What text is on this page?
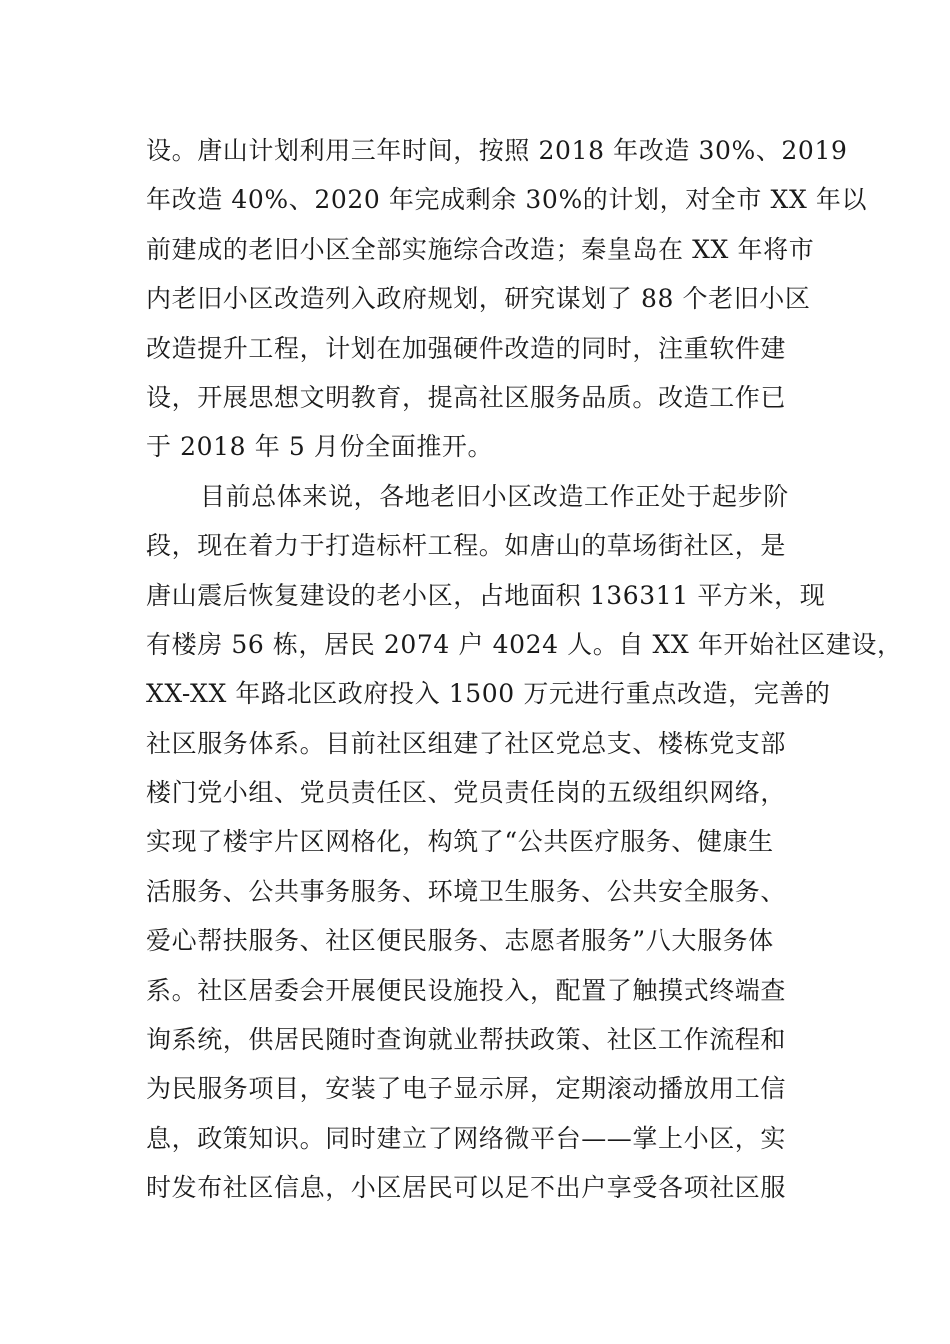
设。唐山计划利用三年时间，按照 2018 年改造 30%、2019
年改造 40%、2020 年完成剩余 30%的计划，对全市 XX 年以
前建成的老旧小区全部实施综合改造；秦皇岛在 XX 年将市
内老旧小区改造列入政府规划，研究谋划了 88 个老旧小区
改造提升工程，计划在加强硬件改造的同时，注重软件建
设，开展思想文明教育，提高社区服务品质。改造工作已
于 2018 年 5 月份全面推开。
目前总体来说，各地老旧小区改造工作正处于起步阶
段，现在着力于打造标杆工程。如唐山的草场街社区，是
唐山震后恢复建设的老小区，占地面积 136311 平方米，现
有楼房 56 栋，居民 2074 户 4024 人。自 XX 年开始社区建设，
XX-XX 年路北区政府投入 1500 万元进行重点改造，完善的
社区服务体系。目前社区组建了社区党总支、楼栋党支部
楼门党小组、党员责任区、党员责任岗的五级组织网络，
实现了楼宇片区网格化，构筑了“公共医疗服务、健康生
活服务、公共事务服务、环境卫生服务、公共安全服务、
爱心帮扶服务、社区便民服务、志愿者服务”八大服务体
系。社区居委会开展便民设施投入，配置了触摸式终端查
询系统，供居民随时查询就业帮扶政策、社区工作流程和
为民服务项目，安装了电子显示屏，定期滚动播放用工信
息，政策知识。同时建立了网络微平台——掌上小区，实
时发布社区信息，小区居民可以足不出户享受各项社区服
